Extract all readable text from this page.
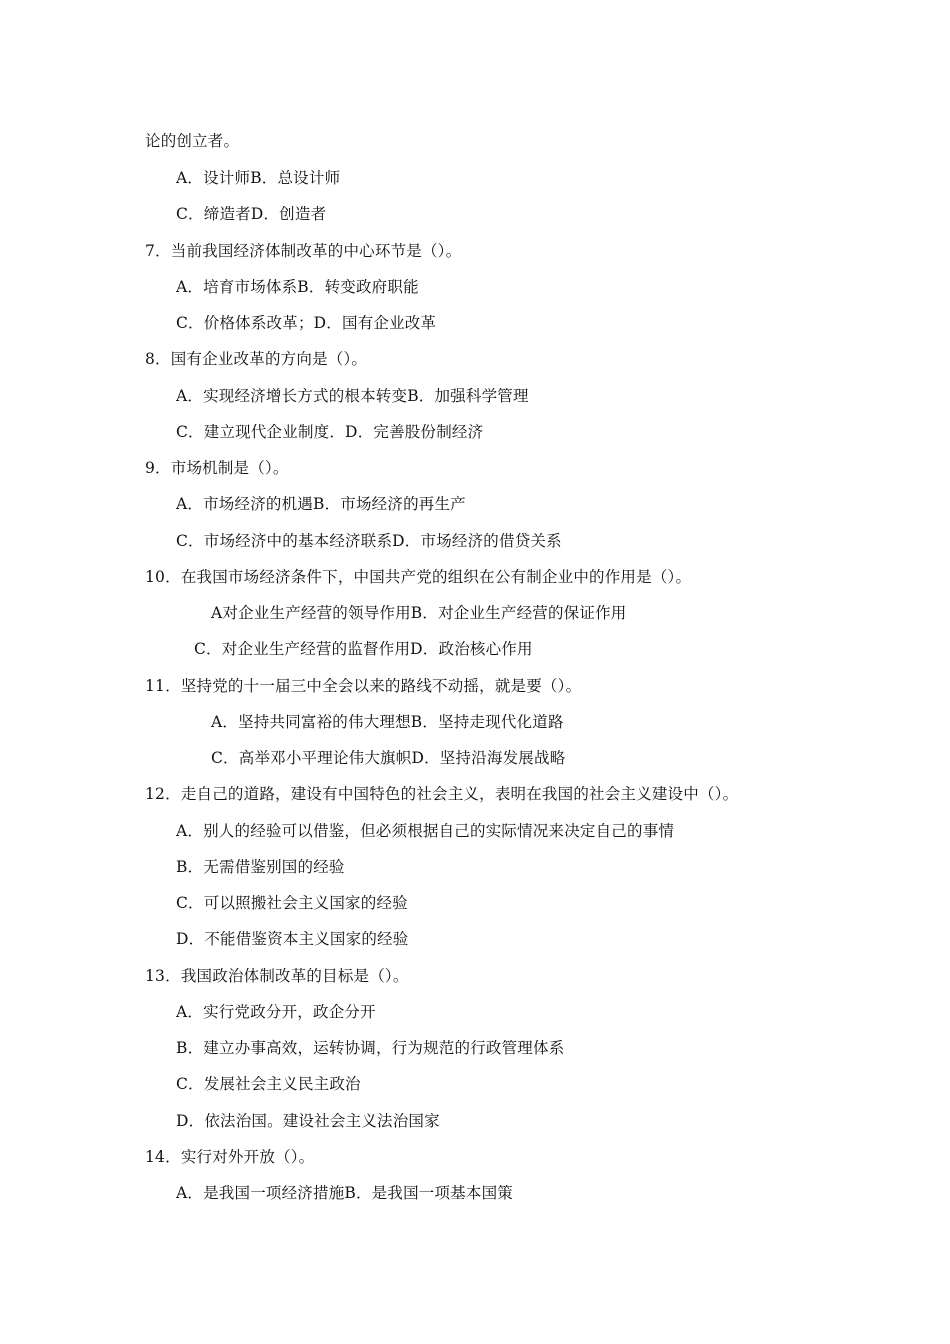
论的创立者。
A．设计师B．总设计师
C．缔造者D．创造者
7．当前我国经济体制改革的中心环节是（）。
A．培育市场体系B．转变政府职能
C．价格体系改革；D．国有企业改革
8．国有企业改革的方向是（）。
A．实现经济增长方式的根本转变B．加强科学管理
C．建立现代企业制度．D．完善股份制经济
9．市场机制是（）。
A．市场经济的机遇B．市场经济的再生产
C．市场经济中的基本经济联系D．市场经济的借贷关系
10．在我国市场经济条件下，中国共产党的组织在公有制企业中的作用是（）。
A对企业生产经营的领导作用B．对企业生产经营的保证作用
C．对企业生产经营的监督作用D．政治核心作用
11．坚持党的十一届三中全会以来的路线不动摇，就是要（）。
A．坚持共同富裕的伟大理想B．坚持走现代化道路
C．高举邓小平理论伟大旗帜D．坚持沿海发展战略
12．走自己的道路，建设有中国特色的社会主义，表明在我国的社会主义建设中（）。
A．别人的经验可以借鉴，但必须根据自己的实际情况来决定自己的事情
B．无需借鉴别国的经验
C．可以照搬社会主义国家的经验
D．不能借鉴资本主义国家的经验
13．我国政治体制改革的目标是（）。
A．实行党政分开，政企分开
B．建立办事高效，运转协调，行为规范的行政管理体系
C．发展社会主义民主政治
D．依法治国。建设社会主义法治国家
14．实行对外开放（）。
A．是我国一项经济措施B．是我国一项基本国策
